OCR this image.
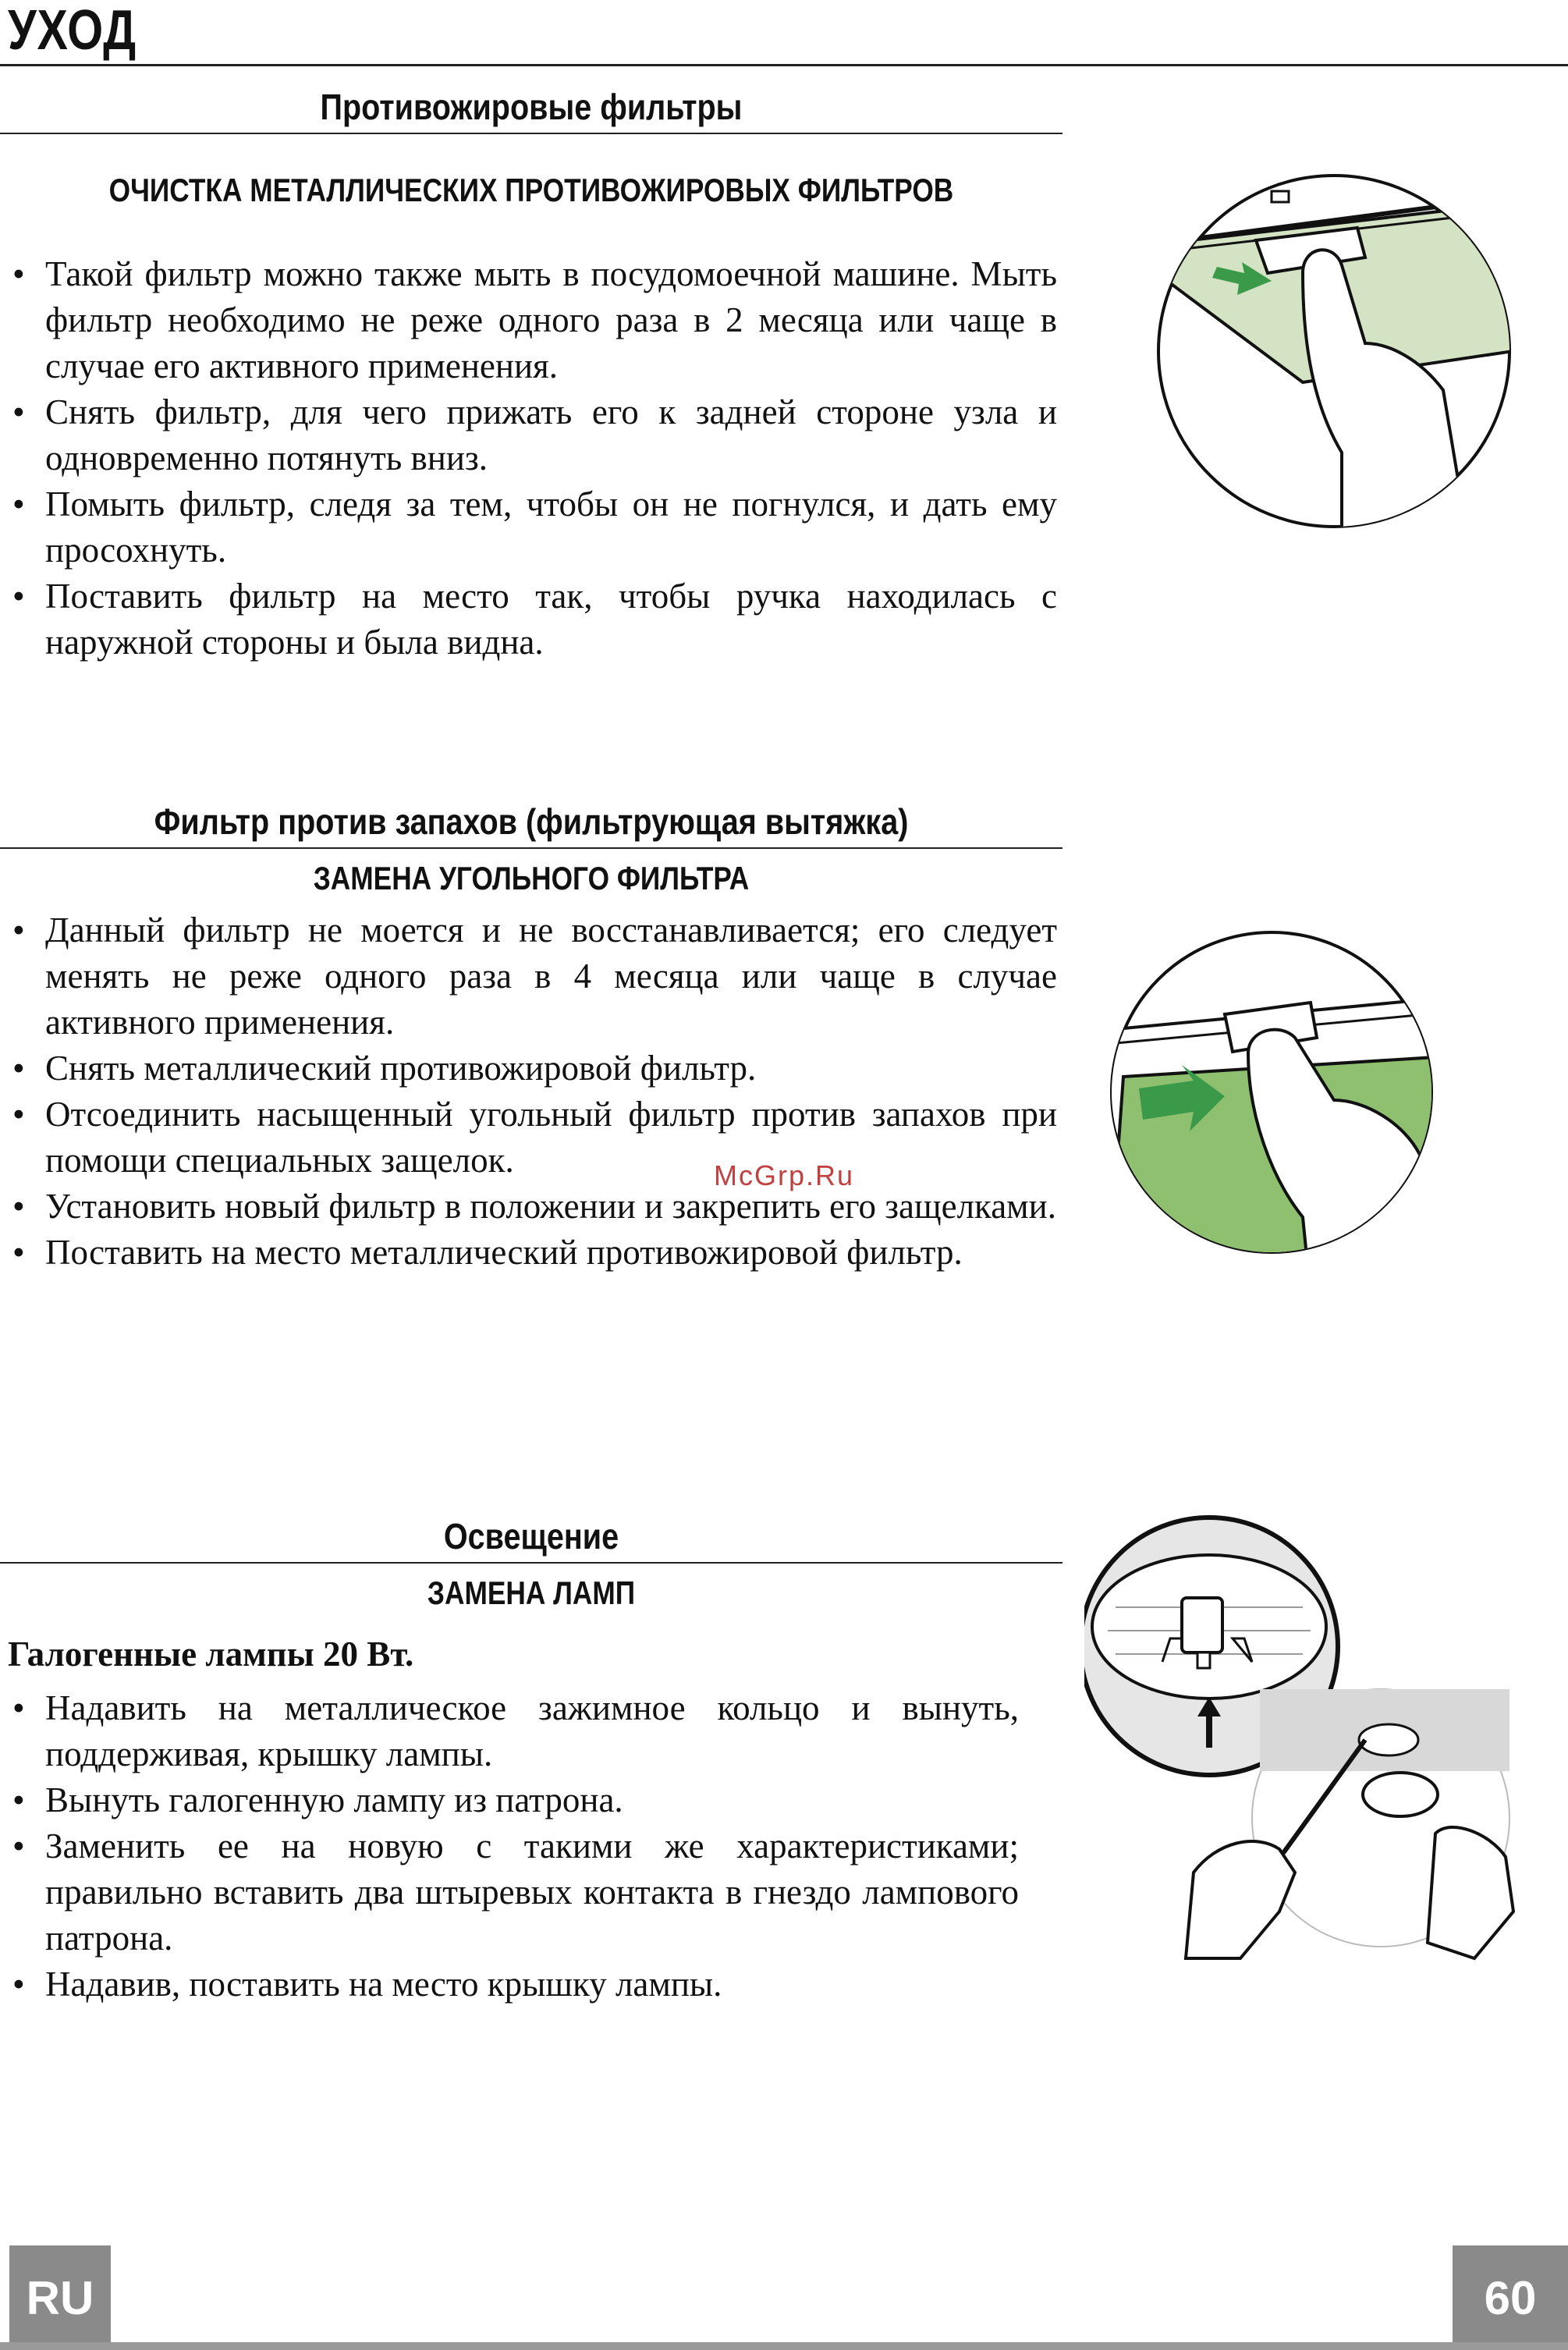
УХОД
Противожировые фильтры
ОЧИСТКА МЕТАЛЛИЧЕСКИХ ПРОТИВОЖИРОВЫХ ФИЛЬТРОВ
• Такой фильтр можно также мыть в посудомоечной машине. Мыть фильтр необходимо не реже одного раза в 2 месяца или чаще в случае его активного применения.
• Снять фильтр, для чего прижать его к задней стороне узла и одновременно потянуть вниз.
• Помыть фильтр, следя за тем, чтобы он не погнулся, и дать ему просохнуть.
• Поставить фильтр на место так, чтобы ручка находилась с наружной стороны и была видна.
Фильтр против запахов (фильтрующая вытяжка)
ЗАМЕНА УГОЛЬНОГО ФИЛЬТРА
• Данный фильтр не моется и не восстанавливается; его следует менять не реже одного раза в 4 месяца или чаще в случае активного применения.
• Снять металлический противожировой фильтр.
• Отсоединить насыщенный угольный фильтр против запахов при помощи специальных защелок.
• Установить новый фильтр в положении и закрепить его защелками.
• Поставить на место металлический противожировой фильтр.
McGrp.Ru
Освещение
ЗАМЕНА ЛАМП
Галогенные лампы 20 Вт.
• Надавить на металлическое зажимное кольцо и вынуть, поддерживая, крышку лампы.
• Вынуть галогенную лампу из патрона.
• Заменить ее на новую с такими же характеристиками; правильно вставить два штыревых контакта в гнездо лампового патрона.
• Надавив, поставить на место крышку лампы.
RU	60
